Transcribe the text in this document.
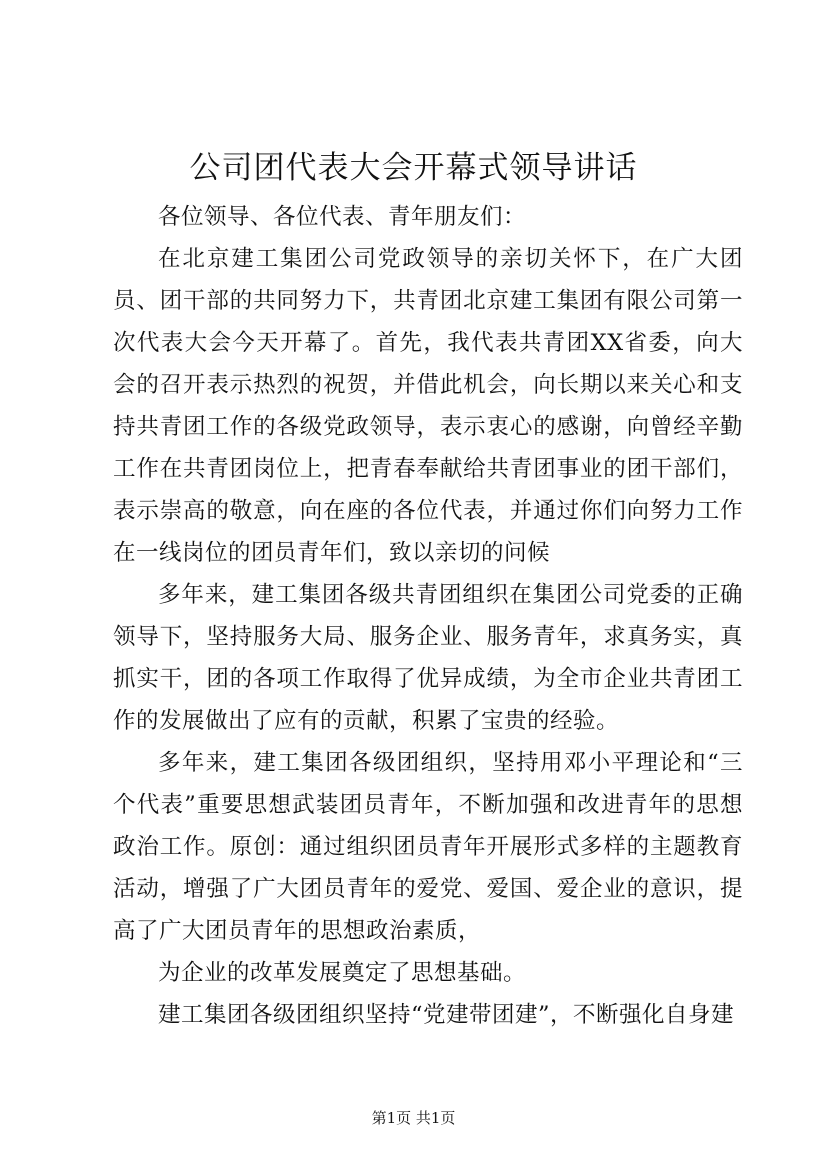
公司团代表大会开幕式领导讲话

各位领导、各位代表、青年朋友们：

在北京建工集团公司党政领导的亲切关怀下，在广大团员、团干部的共同努力下，共青团北京建工集团有限公司第一次代表大会今天开幕了。首先，我代表共青团XX省委，向大会的召开表示热烈的祝贺，并借此机会，向长期以来关心和支持共青团工作的各级党政领导，表示衷心的感谢，向曾经辛勤工作在共青团岗位上，把青春奉献给共青团事业的团干部们，表示崇高的敬意，向在座的各位代表，并通过你们向努力工作在一线岗位的团员青年们，致以亲切的问候

多年来，建工集团各级共青团组织在集团公司党委的正确领导下，坚持服务大局、服务企业、服务青年，求真务实，真抓实干，团的各项工作取得了优异成绩，为全市企业共青团工作的发展做出了应有的贡献，积累了宝贵的经验。

多年来，建工集团各级团组织，坚持用邓小平理论和“三个代表”重要思想武装团员青年，不断加强和改进青年的思想政治工作。原创：通过组织团员青年开展形式多样的主题教育活动，增强了广大团员青年的爱党、爱国、爱企业的意识，提高了广大团员青年的思想政治素质，

为企业的改革发展奠定了思想基础。

建工集团各级团组织坚持“党建带团建”，不断强化自身建

第1页 共1页
